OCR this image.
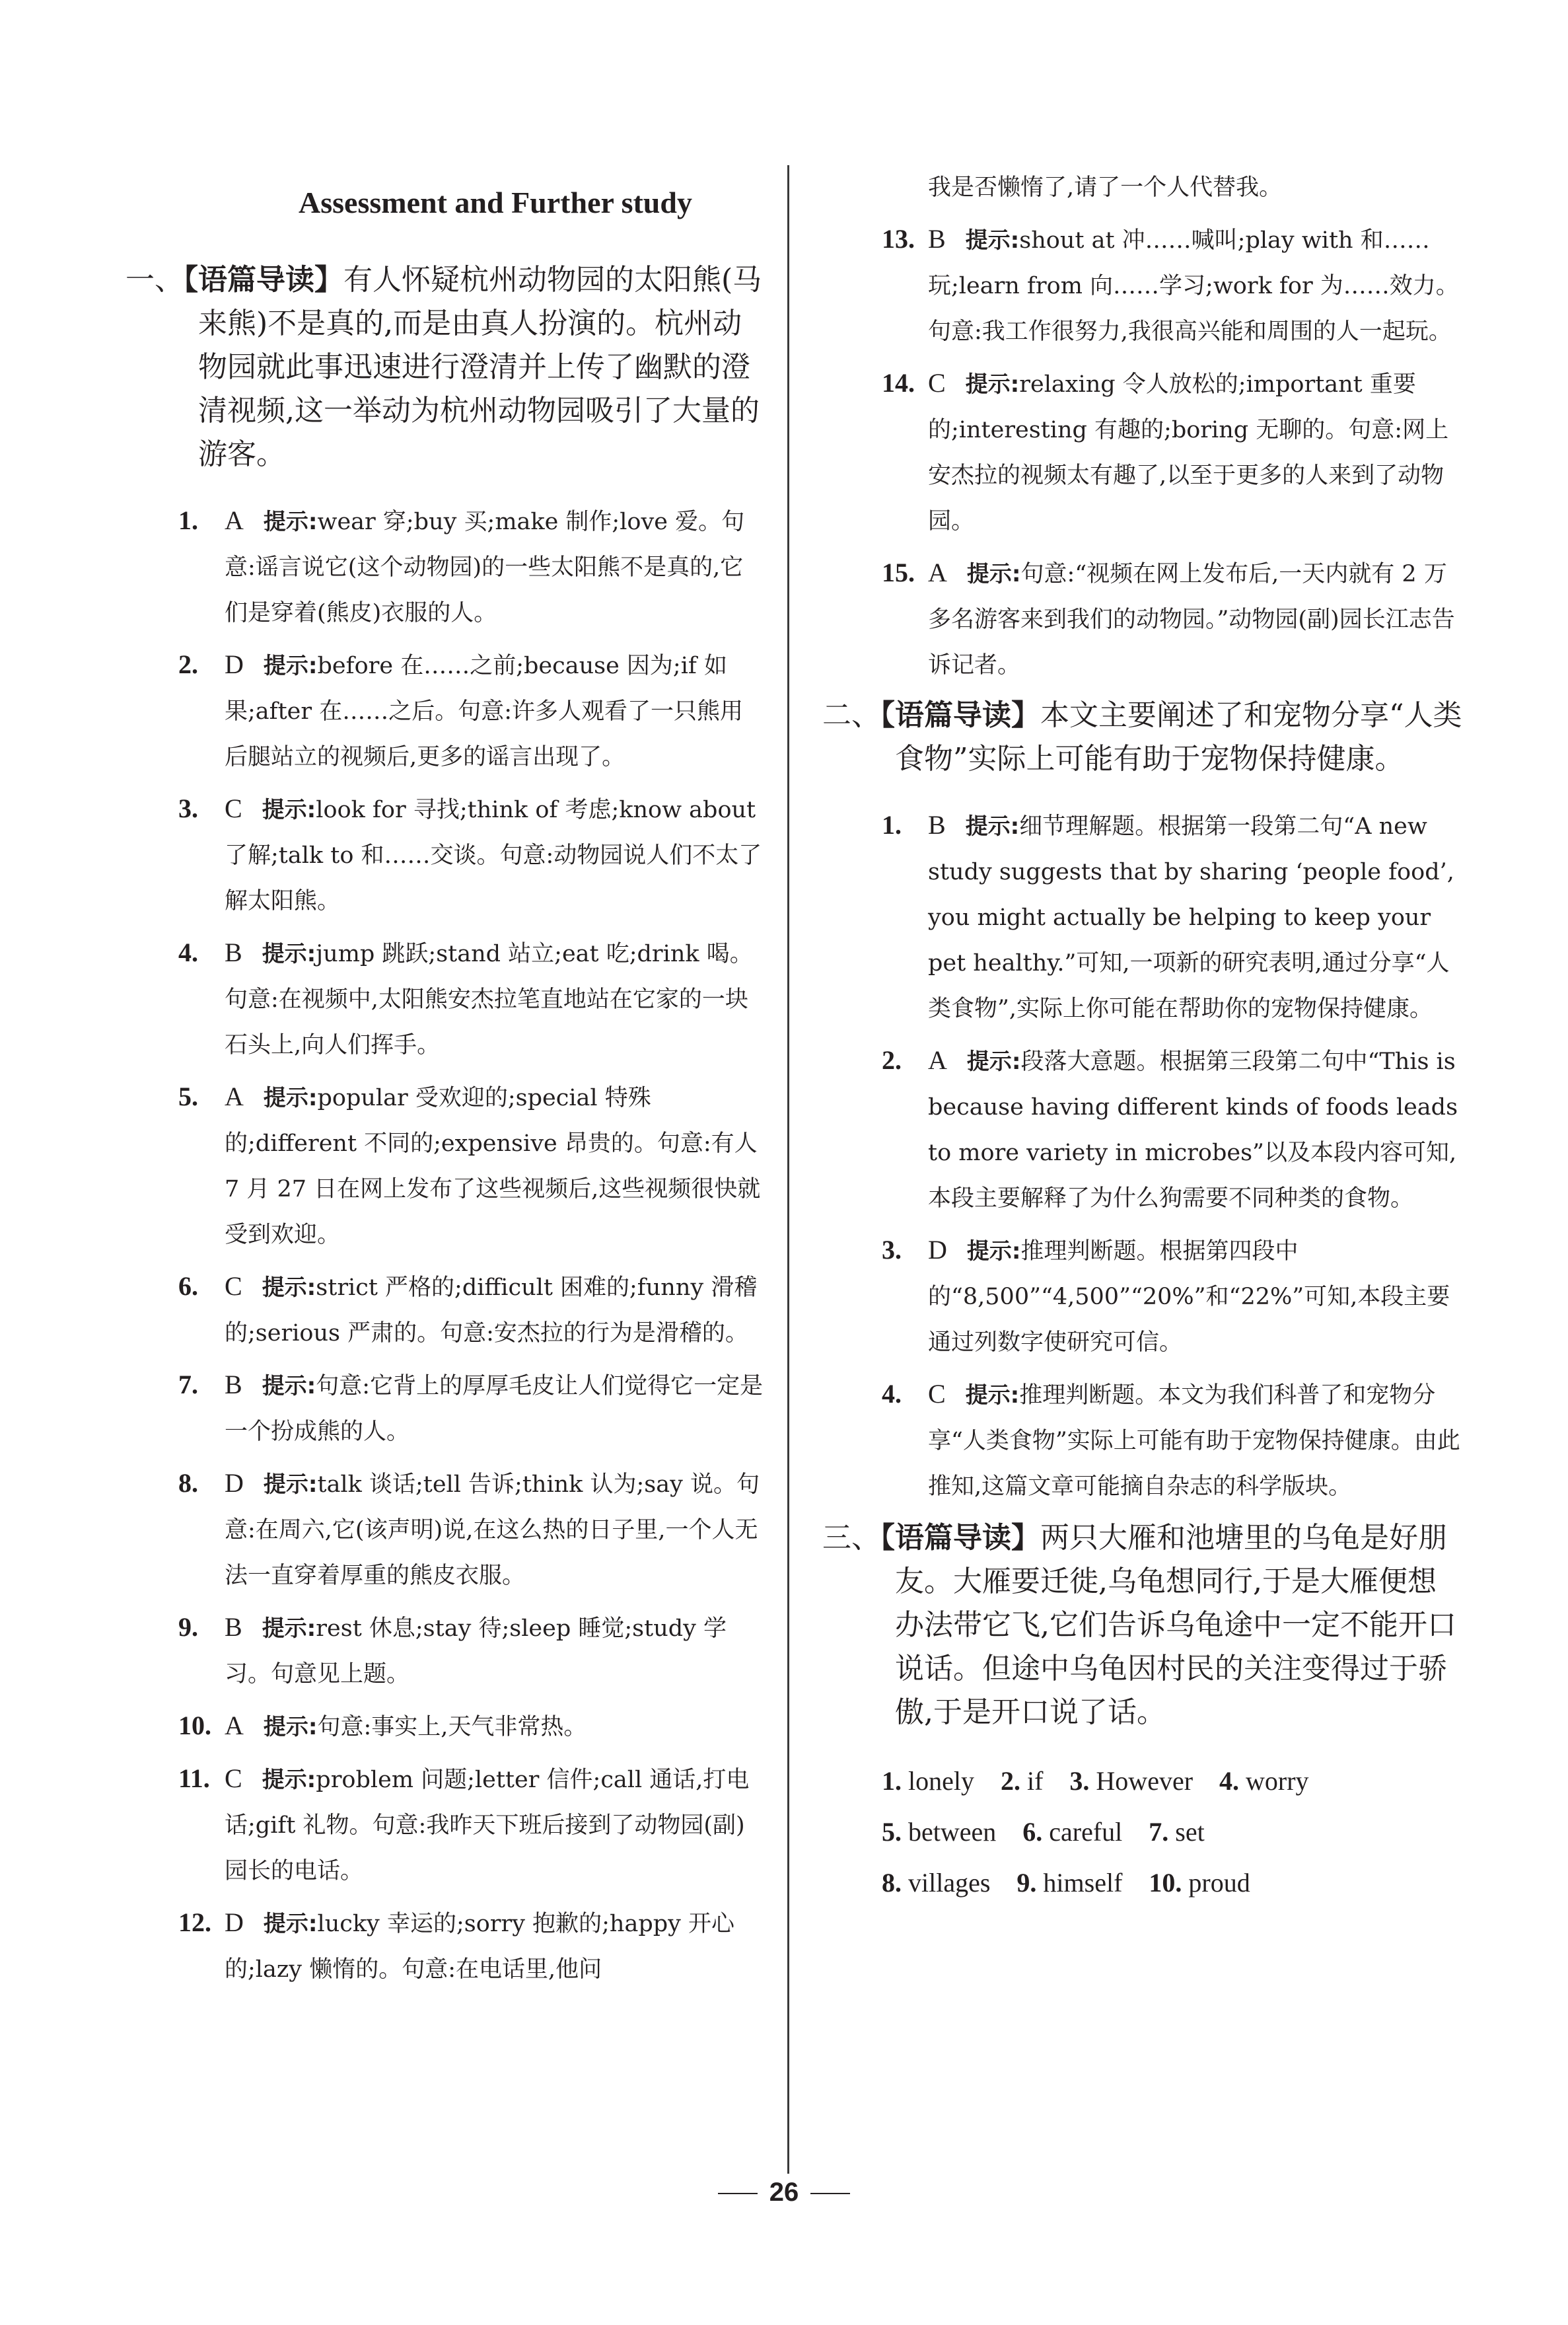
Assessment and Further study
一、【语篇导读】有人怀疑杭州动物园的太阳熊(马来熊)不是真的,而是由真人扮演的。杭州动物园就此事迅速进行澄清并上传了幽默的澄清视频,这一举动为杭州动物园吸引了大量的游客。
1. A 提示:wear 穿;buy 买;make 制作;love 爱。句意:谣言说它(这个动物园)的一些太阳熊不是真的,它们是穿着(熊皮)衣服的人。
2. D 提示:before 在……之前;because 因为;if 如果;after 在……之后。句意:许多人观看了一只熊用后腿站立的视频后,更多的谣言出现了。
3. C 提示:look for 寻找;think of 考虑;know about 了解;talk to 和……交谈。句意:动物园说人们不太了解太阳熊。
4. B 提示:jump 跳跃;stand 站立;eat 吃;drink 喝。句意:在视频中,太阳熊安杰拉笔直地站在它家的一块石头上,向人们挥手。
5. A 提示:popular 受欢迎的;special 特殊的;different 不同的;expensive 昂贵的。句意:有人 7 月 27 日在网上发布了这些视频后,这些视频很快就受到欢迎。
6. C 提示:strict 严格的;difficult 困难的;funny 滑稽的;serious 严肃的。句意:安杰拉的行为是滑稽的。
7. B 提示:句意:它背上的厚厚毛皮让人们觉得它一定是一个扮成熊的人。
8. D 提示:talk 谈话;tell 告诉;think 认为;say 说。句意:在周六,它(该声明)说,在这么热的日子里,一个人无法一直穿着厚重的熊皮衣服。
9. B 提示:rest 休息;stay 待;sleep 睡觉;study 学习。句意见上题。
10. A 提示:句意:事实上,天气非常热。
11. C 提示:problem 问题;letter 信件;call 通话,打电话;gift 礼物。句意:我昨天下班后接到了动物园(副)园长的电话。
12. D 提示:lucky 幸运的;sorry 抱歉的;happy 开心的;lazy 懒惰的。句意:在电话里,他问
我是否懒惰了,请了一个人代替我。
13. B 提示:shout at 冲……喊叫;play with 和……玩;learn from 向……学习;work for 为……效力。句意:我工作很努力,我很高兴能和周围的人一起玩。
14. C 提示:relaxing 令人放松的;important 重要的;interesting 有趣的;boring 无聊的。句意:网上安杰拉的视频太有趣了,以至于更多的人来到了动物园。
15. A 提示:句意:“视频在网上发布后,一天内就有 2 万多名游客来到我们的动物园。”动物园(副)园长江志告诉记者。
二、【语篇导读】本文主要阐述了和宠物分享“人类食物”实际上可能有助于宠物保持健康。
1. B 提示:细节理解题。根据第一段第二句“A new study suggests that by sharing ‘people food’, you might actually be helping to keep your pet healthy.”可知,一项新的研究表明,通过分享“人类食物”,实际上你可能在帮助你的宠物保持健康。
2. A 提示:段落大意题。根据第三段第二句中“This is because having different kinds of foods leads to more variety in microbes”以及本段内容可知,本段主要解释了为什么狗需要不同种类的食物。
3. D 提示:推理判断题。根据第四段中的“8,500”“4,500”“20%”和“22%”可知,本段主要通过列数字使研究可信。
4. C 提示:推理判断题。本文为我们科普了和宠物分享“人类食物”实际上可能有助于宠物保持健康。由此推知,这篇文章可能摘自杂志的科学版块。
三、【语篇导读】两只大雁和池塘里的乌龟是好朋友。大雁要迁徙,乌龟想同行,于是大雁便想办法带它飞,它们告诉乌龟途中一定不能开口说话。但途中乌龟因村民的关注变得过于骄傲,于是开口说了话。
1. lonely 2. if 3. However 4. worry
5. between 6. careful 7. set
8. villages 9. himself 10. proud
26
